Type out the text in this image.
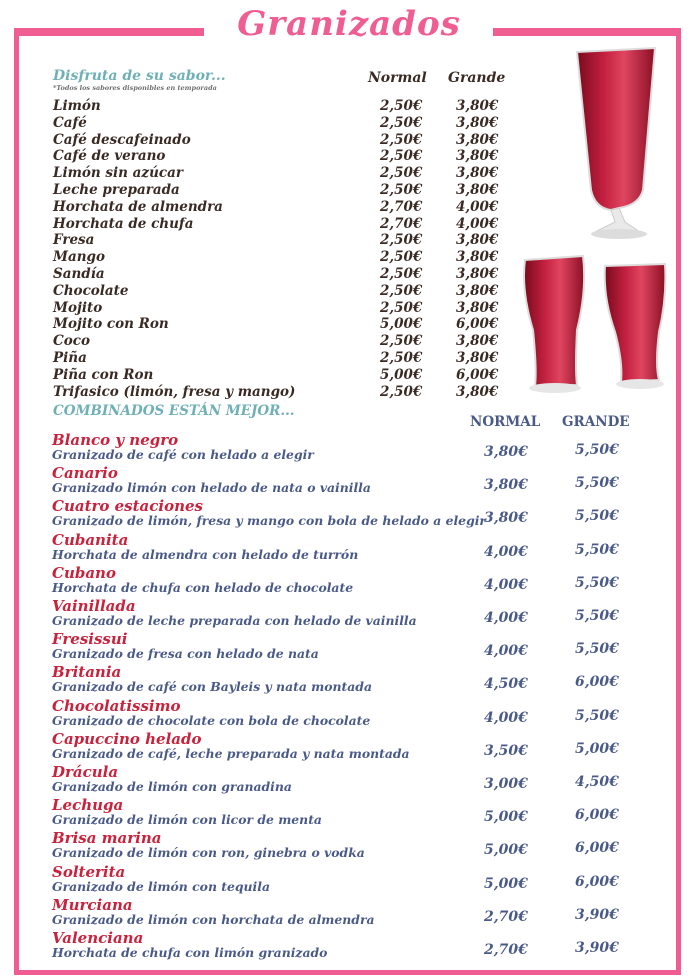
Granizados
Disfruta de su sabor...
*Todos los sabores disponibles en temporada
Normal Grande
Limón	2,50€ 3,80€
Café	2,50€ 3,80€
Café descafeinado	2,50€ 3,80€
Café de verano	2,50€ 3,80€
Limón sin azúcar	2,50€ 3,80€
Leche preparada	2,50€ 3,80€
Horchata de almendra	2,70€ 4,00€
Horchata de chufa	2,70€ 4,00€
Fresa	2,50€ 3,80€
Mango	2,50€ 3,80€
Sandía	2,50€ 3,80€
Chocolate	2,50€ 3,80€
Mojito	2,50€ 3,80€
Mojito con Ron	5,00€ 6,00€
Coco	2,50€ 3,80€
Piña	2,50€ 3,80€
Piña con Ron	5,00€ 6,00€
Trifasico (limón, fresa y mango)	2,50€ 3,80€
COMBINADOS ESTÁN MEJOR...
NORMAL GRANDE
Blanco y negro
Granizado de café con helado a elegir	3,80€	5,50€
Canario
Granizado limón con helado de nata o vainilla	3,80€	5,50€
Cuatro estaciones
Granizado de limón, fresa y mango con bola de helado a elegir
3,80€	5,50€
Cubanita
Horchata de almendra con helado de turrón	4,00€	5,50€
Cubano
Horchata de chufa con helado de chocolate	4,00€	5,50€
Vainillada
Granizado de leche preparada con helado de vainilla	4,00€	5,50€
Fresissui
Granizado de fresa con helado de nata	4,00€	5,50€
Britania
Granizado de café con Bayleis y nata montada	4,50€	6,00€
Chocolatissimo
Granizado de chocolate con bola de chocolate	4,00€	5,50€
Capuccino helado
Granizado de café, leche preparada y nata montada	3,50€	5,00€
Drácula
Granizado de limón con granadina	3,00€	4,50€
Lechuga
Granizado de limón con licor de menta	5,00€	6,00€
Brisa marina
Granizado de limón con ron, ginebra o vodka	5,00€	6,00€
Solterita
Granizado de limón con tequila	5,00€	6,00€
Murciana
Granizado de limón con horchata de almendra	2,70€	3,90€
Valenciana
Horchata de chufa con limón granizado	2,70€	3,90€
